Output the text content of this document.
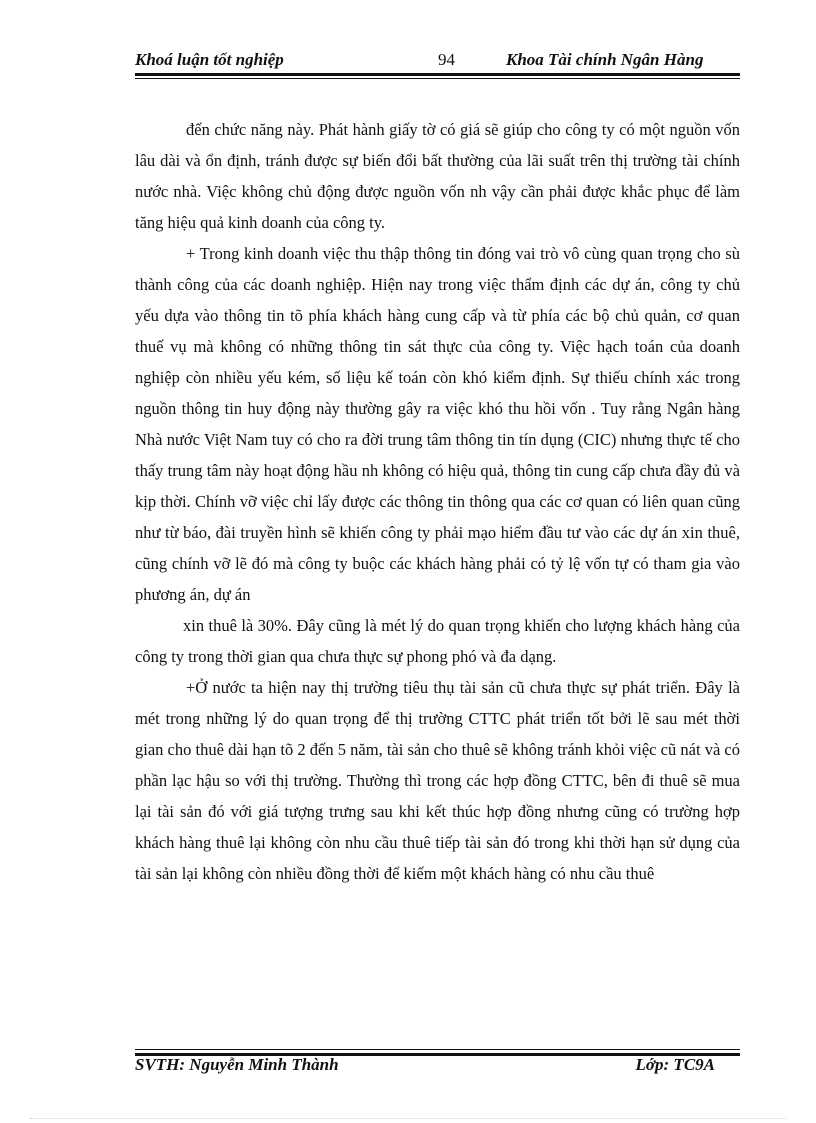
Khoá luận tốt nghiệp	94	Khoa Tài chính Ngân Hàng

đến chức năng này. Phát hành giấy tờ có giá sẽ giúp cho công ty có một nguồn vốn lâu dài và ổn định, tránh được sự biến đổi bất thường của lãi suất trên thị trường tài chính nước nhà. Việc không chủ động được nguồn vốn nh vậy cần phải được khắc phục để làm tăng hiệu quả kinh doanh của công ty.

+ Trong kinh doanh việc thu thập thông tin đóng vai trò vô cùng quan trọng cho sù thành công của các doanh nghiệp. Hiện nay trong việc thẩm định các dự án, công ty chủ yếu dựa vào thông tin tõ phía khách hàng cung cấp và từ phía các bộ chủ quản, cơ quan thuế vụ mà không có những thông tin sát thực của công ty. Việc hạch toán của doanh nghiệp còn nhiều yếu kém, số liệu kế toán còn khó kiểm định. Sự thiếu chính xác trong nguồn thông tin huy động này thường gây ra việc khó thu hồi vốn . Tuy rằng Ngân hàng Nhà nước Việt Nam tuy có cho ra đời trung tâm thông tin tín dụng (CIC) nhưng thực tế cho thấy trung tâm này hoạt động hầu nh không có hiệu quả, thông tin cung cấp chưa đầy đủ và kịp thời. Chính vỡ việc chỉ lấy được các thông tin thông qua các cơ quan có liên quan cũng như từ báo, đài truyền hình sẽ khiến công ty phải mạo hiểm đầu tư vào các dự án xin thuê, cũng chính vỡ lẽ đó mà công ty buộc các khách hàng phải có tỷ lệ vốn tự có tham gia vào phương án, dự án

xin thuê là 30%. Đây cũng là mét lý do quan trọng khiến cho lượng khách hàng của công ty trong thời gian qua chưa thực sự phong phó và đa dạng.

+Ở nước ta hiện nay thị trường tiêu thụ tài sản cũ chưa thực sự phát triển. Đây là mét trong những lý do quan trọng để thị trường CTTC phát triển tốt bởi lẽ sau mét thời gian cho thuê dài hạn tõ 2 đến 5 năm, tài sản cho thuê sẽ không tránh khỏi việc cũ nát và có phần lạc hậu so với thị trường. Thường thì trong các hợp đồng CTTC, bên đi thuê sẽ mua lại tài sản đó với giá tượng trưng sau khi kết thúc hợp đồng nhưng cũng có trường hợp khách hàng thuê lại không còn nhu cầu thuê tiếp tài sản đó trong khi thời hạn sử dụng của tài sản lại không còn nhiều đồng thời để kiếm một khách hàng có nhu cầu thuê

SVTH: Nguyễn Minh Thành	Lớp: TC9A
